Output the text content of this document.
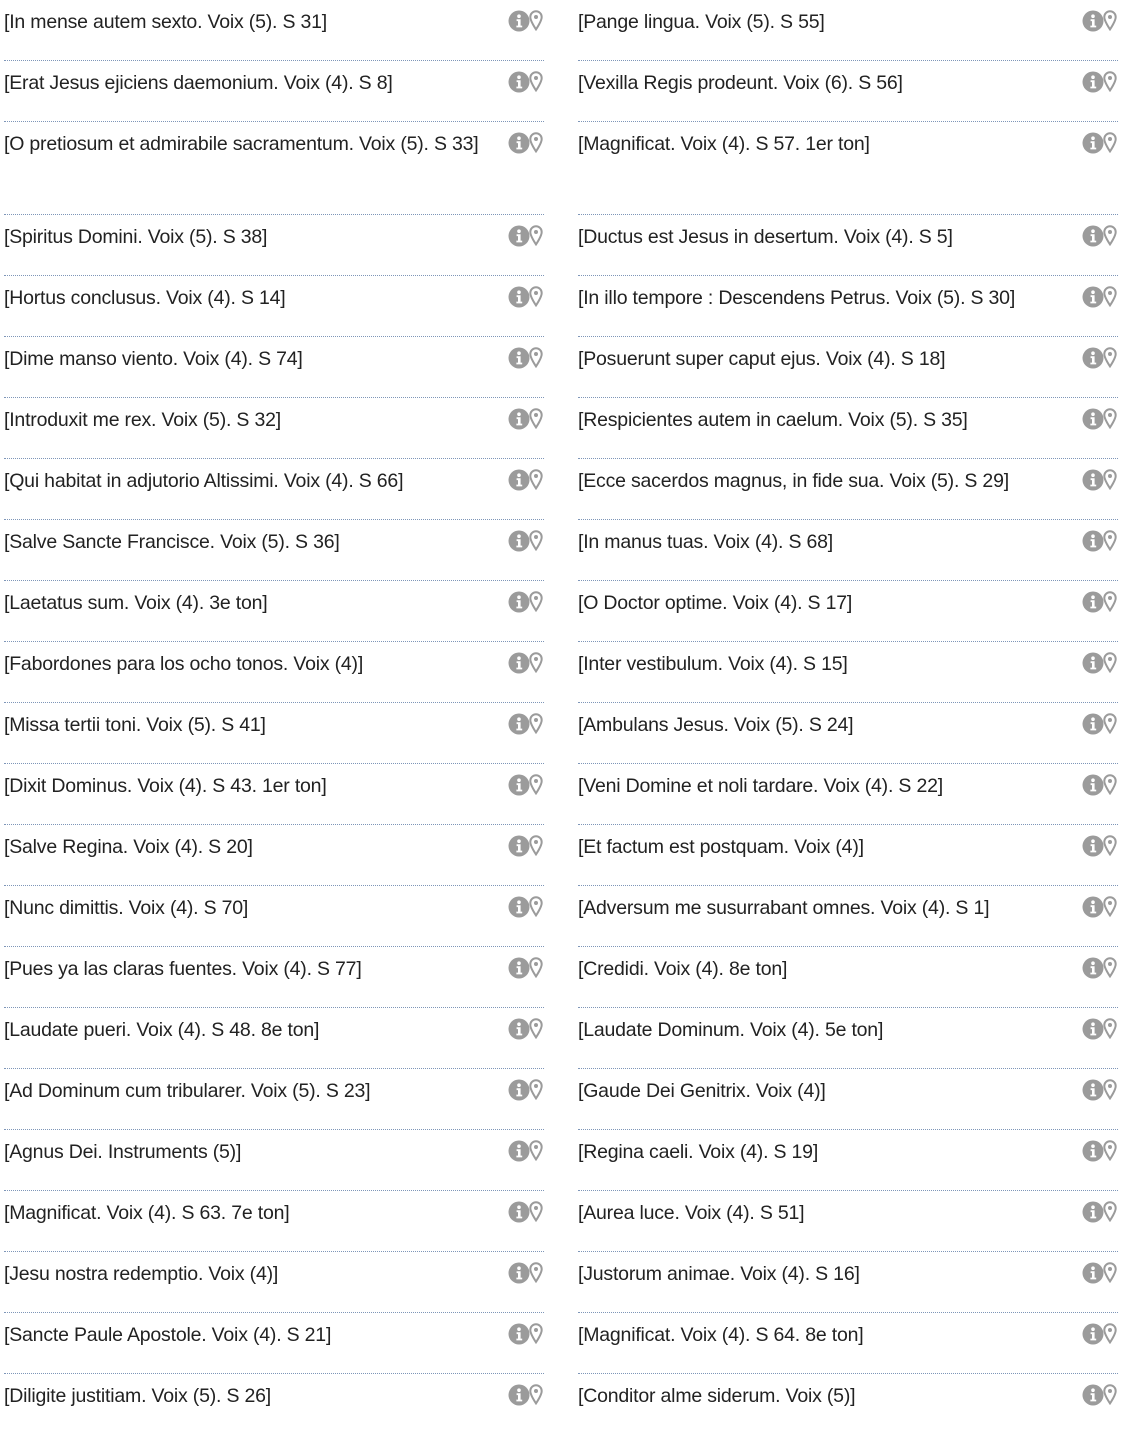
[In mense autem sexto. Voix (5). S 31]
[Erat Jesus ejiciens daemonium. Voix (4). S 8]
[O pretiosum et admirabile sacramentum. Voix (5). S 33]
[Spiritus Domini. Voix (5). S 38]
[Hortus conclusus. Voix (4). S 14]
[Dime manso viento. Voix (4). S 74]
[Introduxit me rex. Voix (5). S 32]
[Qui habitat in adjutorio Altissimi. Voix (4). S 66]
[Salve Sancte Francisce. Voix (5). S 36]
[Laetatus sum. Voix (4). 3e ton]
[Fabordones para los ocho tonos. Voix (4)]
[Missa tertii toni. Voix (5). S 41]
[Dixit Dominus. Voix (4). S 43. 1er ton]
[Salve Regina. Voix (4). S 20]
[Nunc dimittis. Voix (4). S 70]
[Pues ya las claras fuentes. Voix (4). S 77]
[Laudate pueri. Voix (4). S 48. 8e ton]
[Ad Dominum cum tribularer. Voix (5). S 23]
[Agnus Dei. Instruments (5)]
[Magnificat. Voix (4). S 63. 7e ton]
[Jesu nostra redemptio. Voix (4)]
[Sancte Paule Apostole. Voix (4). S 21]
[Diligite justitiam. Voix (5). S 26]
[Pange lingua. Voix (5). S 55]
[Vexilla Regis prodeunt. Voix (6). S 56]
[Magnificat. Voix (4). S 57. 1er ton]
[Ductus est Jesus in desertum. Voix (4). S 5]
[In illo tempore : Descendens Petrus. Voix (5). S 30]
[Posuerunt super caput ejus. Voix (4). S 18]
[Respicientes autem in caelum. Voix (5). S 35]
[Ecce sacerdos magnus, in fide sua. Voix (5). S 29]
[In manus tuas. Voix (4). S 68]
[O Doctor optime. Voix (4). S 17]
[Inter vestibulum. Voix (4). S 15]
[Ambulans Jesus. Voix (5). S 24]
[Veni Domine et noli tardare. Voix (4). S 22]
[Et factum est postquam. Voix (4)]
[Adversum me susurrabant omnes. Voix (4). S 1]
[Credidi. Voix (4). 8e ton]
[Laudate Dominum. Voix (4). 5e ton]
[Gaude Dei Genitrix. Voix (4)]
[Regina caeli. Voix (4). S 19]
[Aurea luce. Voix (4). S 51]
[Justorum animae. Voix (4). S 16]
[Magnificat. Voix (4). S 64. 8e ton]
[Conditor alme siderum. Voix (5)]
